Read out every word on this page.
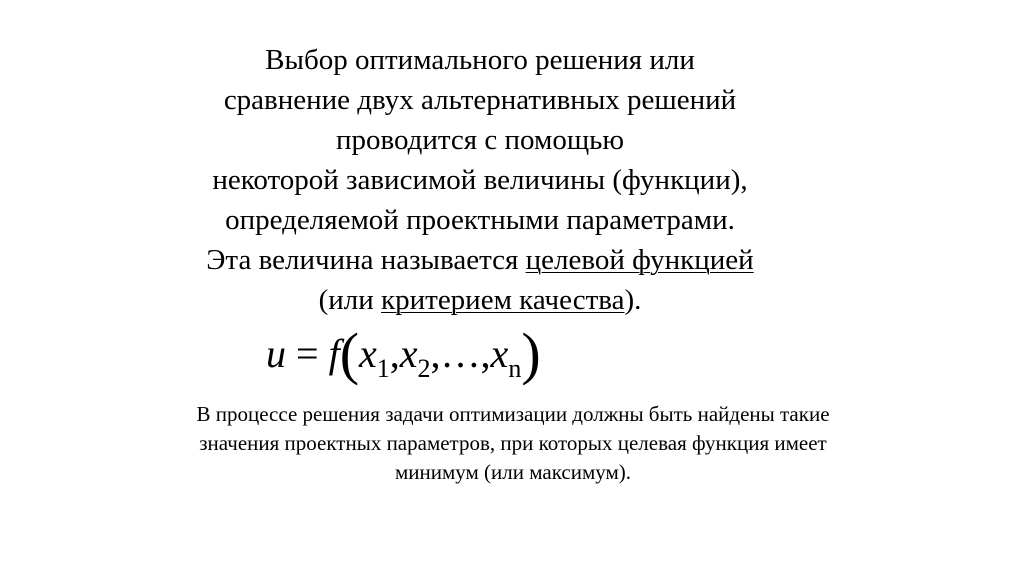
Выбор оптимального решения или
сравнение двух альтернативных решений
проводится с помощью
некоторой зависимой величины (функции),
определяемой проектными параметрами.
Эта величина называется целевой функцией
(или критерием качества).
$u = f(x_1,x_2,\dots,x_n)$
В процессе решения задачи оптимизации должны быть найдены такие
значения проектных параметров, при которых целевая функция имеет
минимум (или максимум).
